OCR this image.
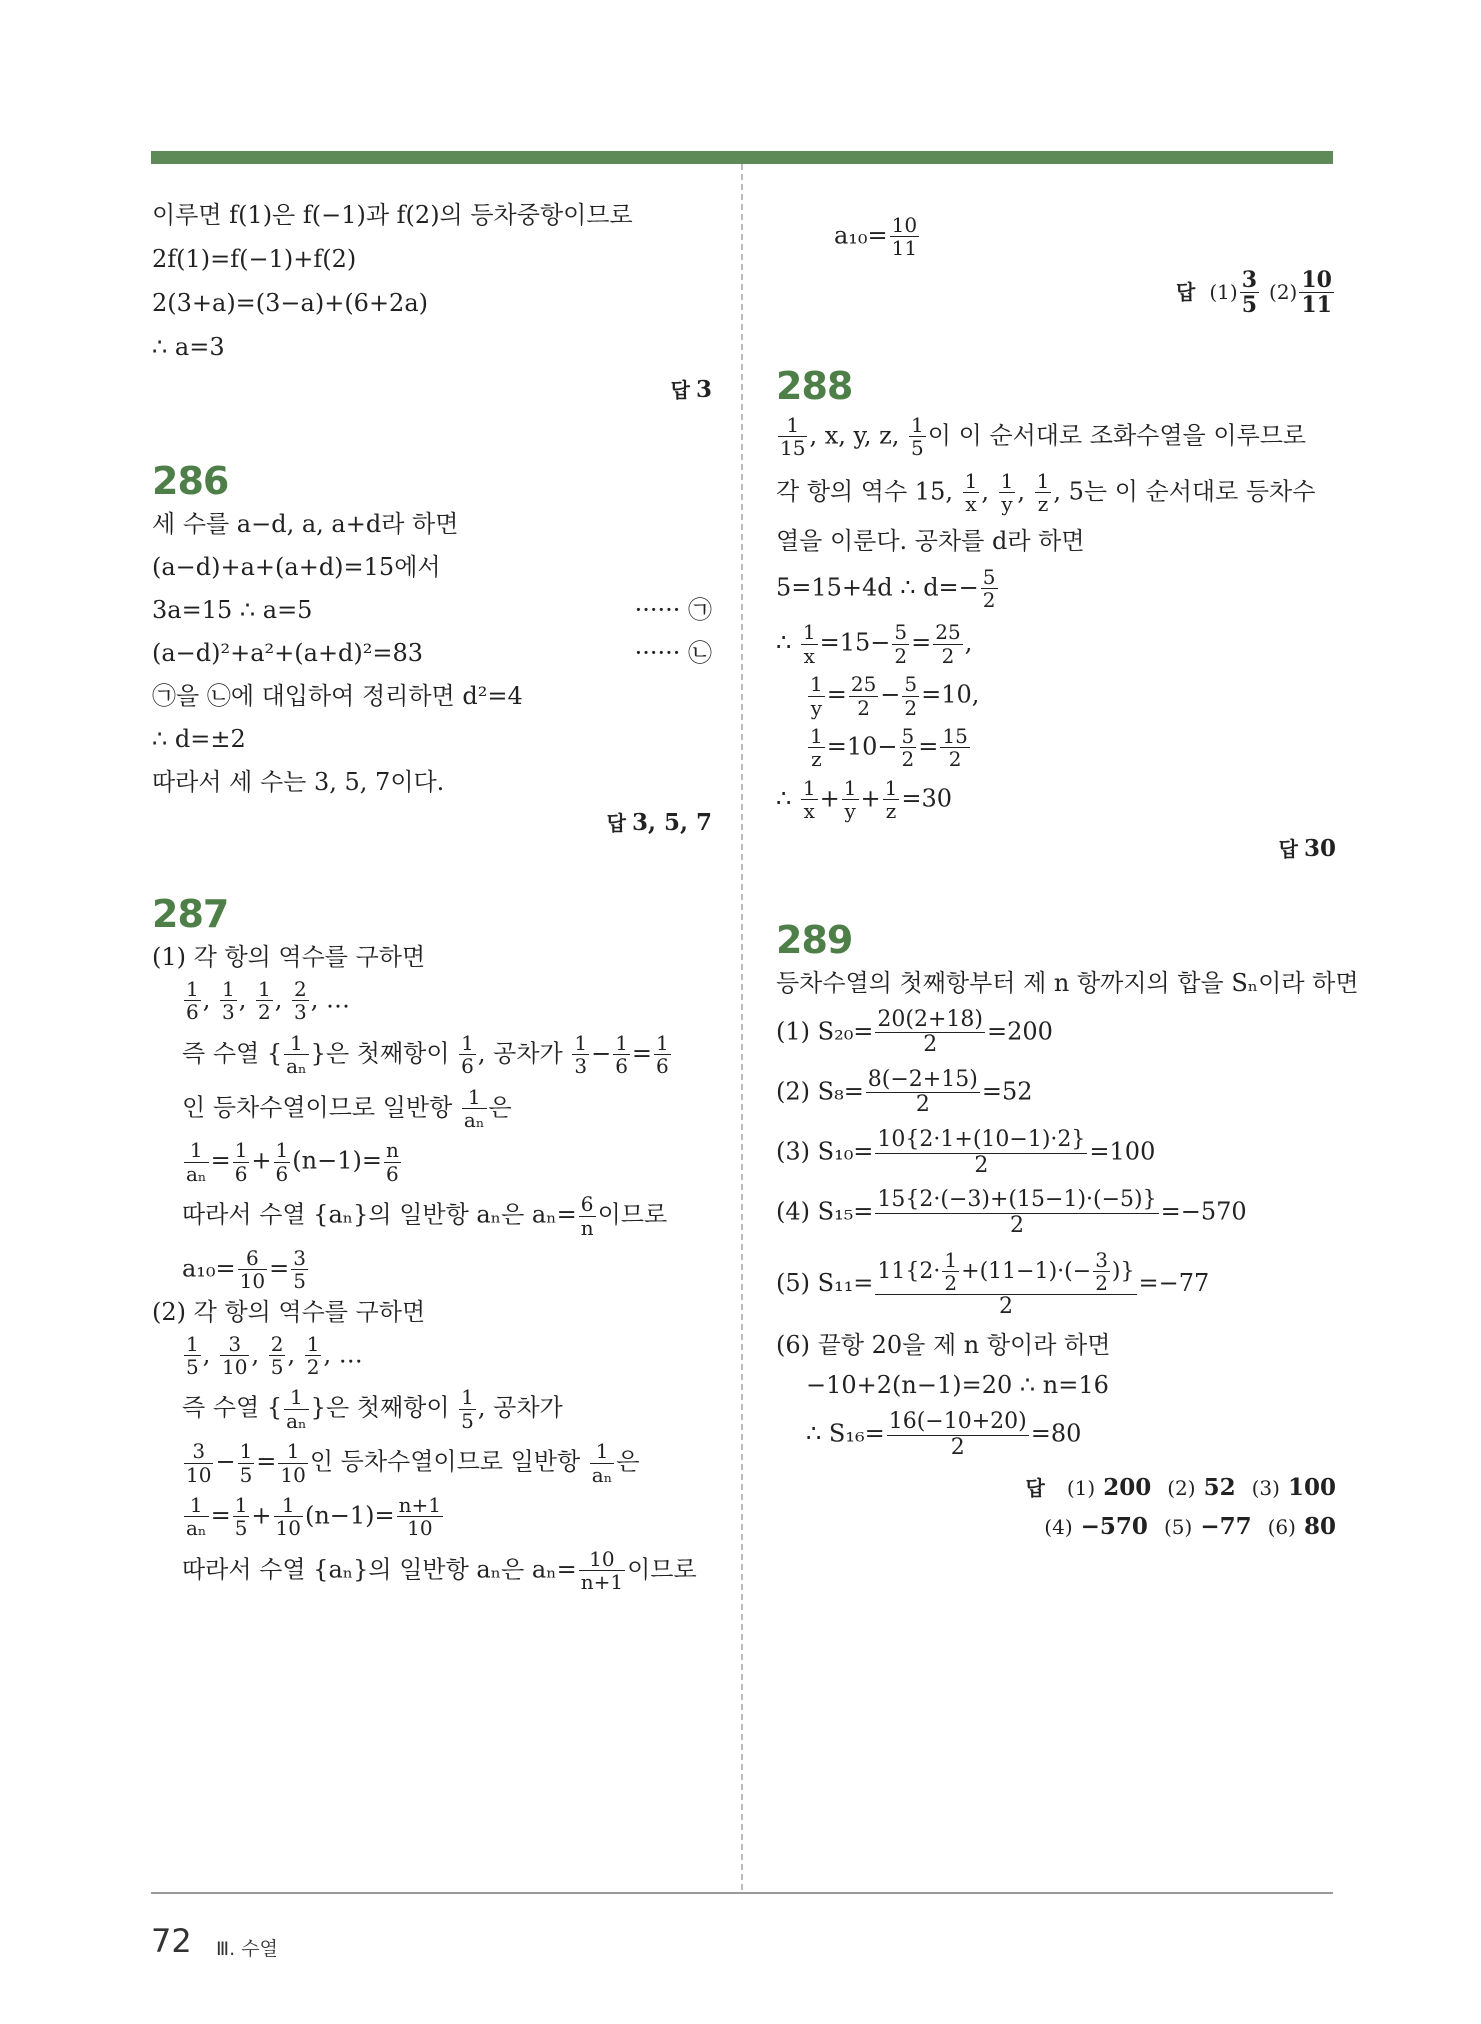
이루면 f(1)은 f(−1)과 f(2)의 등차중항이므로
2f(1)=f(−1)+f(2)
2(3+a)=(3−a)+(6+2a)
∴ a=3
답 3
286
세 수를 a−d, a, a+d라 하면
(a−d)+a+(a+d)=15에서
3a=15 ∴ a=5	······ ㉠
(a−d)²+a²+(a+d)²=83	······ ㉡
㉠을 ㉡에 대입하여 정리하면 d²=4
∴ d=±2
따라서 세 수는 3, 5, 7이다.
답 3, 5, 7
287
(1) 각 항의 역수를 구하면
$\frac{1}{6}$ , $\frac{1}{3}$ , $\frac{1}{2}$ , $\frac{2}{3}$ , …
즉 수열 { $\frac{1}{\text{aₙ}}$ }은 첫째항이 $\frac{1}{6}$ , 공차가 $\frac{1}{3} - \frac{1}{6} = \frac{1}{6}$
인 등차수열이므로 일반항 $\frac{1}{\text{aₙ}}$ 은
$\frac{1}{\text{aₙ}} = \frac{1}{6} + \frac{1}{6} (n-1)= \frac{n}{6}$
따라서 수열 {aₙ}의 일반항 aₙ은 $a_n= \frac{6}{n}$ 이므로
$a_{10}= \frac{6}{10} = \frac{3}{5}$
(2) 각 항의 역수를 구하면
$\frac{1}{5}$ , $\frac{3}{10}$ , $\frac{2}{5}$ , $\frac{1}{2}$ , …
즉 수열 { $\frac{1}{\text{aₙ}}$ }은 첫째항이 $\frac{1}{5}$ , 공차가
$\frac{3}{10} - \frac{1}{5} = \frac{1}{10}$ 인 등차수열이므로 일반항 $\frac{1}{\text{aₙ}}$ 은
$\frac{1}{\text{aₙ}} = \frac{1}{5} + \frac{1}{10} (n-1)= \frac{n+1}{10}$
따라서 수열 {aₙ}의 일반항 aₙ은 $a_n= \frac{10}{n+1}$ 이므로
$a_{10}= \frac{10}{11}$
답 $(1) \frac{3}{5} (2) \frac{10}{11}$
288
$\frac{1}{15}$ , x, y, z, $\frac{1}{5}$ 이 이 순서대로 조화수열을 이루므로
각 항의 역수 15, $\frac{1}{x}$ , $\frac{1}{y}$ , $\frac{1}{z}$ , 5는 이 순서대로 등차수
열을 이룬다. 공차를 d라 하면
5=15+4d ∴ $d=- \frac{5}{2}$
∴ $\frac{1}{x} =15- \frac{5}{2} = \frac{25}{2}$ ,
$\frac{1}{y} = \frac{25}{2} - \frac{5}{2} =10$,
$\frac{1}{z} =10- \frac{5}{2} = \frac{15}{2}$
∴ $\frac{1}{x} + \frac{1}{y} + \frac{1}{z} =30$
답 30
289
등차수열의 첫째항부터 제 n 항까지의 합을 Sₙ이라 하면
(1) $S_{20}= \frac{20(2+18)}{2} =200$
(2) $S_8= \frac{8(-2+15)}{2} =52$
(3) $S_{10}= \frac{10\{2\cdot 1+(10-1)\cdot 2\}}{2} =100$
(4) $S_{15}= \frac{15\{2\cdot(-3)+(15-1)\cdot(-5)\}}{2} =-570$
(5) $S_{11}= \frac{11\{2\cdot \frac{1}{2} +(11-1)\cdot(- \frac{3}{2} )\}}{2} =-77$
(6) 끝항 20을 제 n 항이라 하면
−10+2(n−1)=20 ∴ n=16
∴ $S_{16}= \frac{16(-10+20)}{2} =80$
답 (1) 200 (2) 52 (3) 100
(4) −570 (5) −77 (6) 80
72 Ⅲ. 수열
